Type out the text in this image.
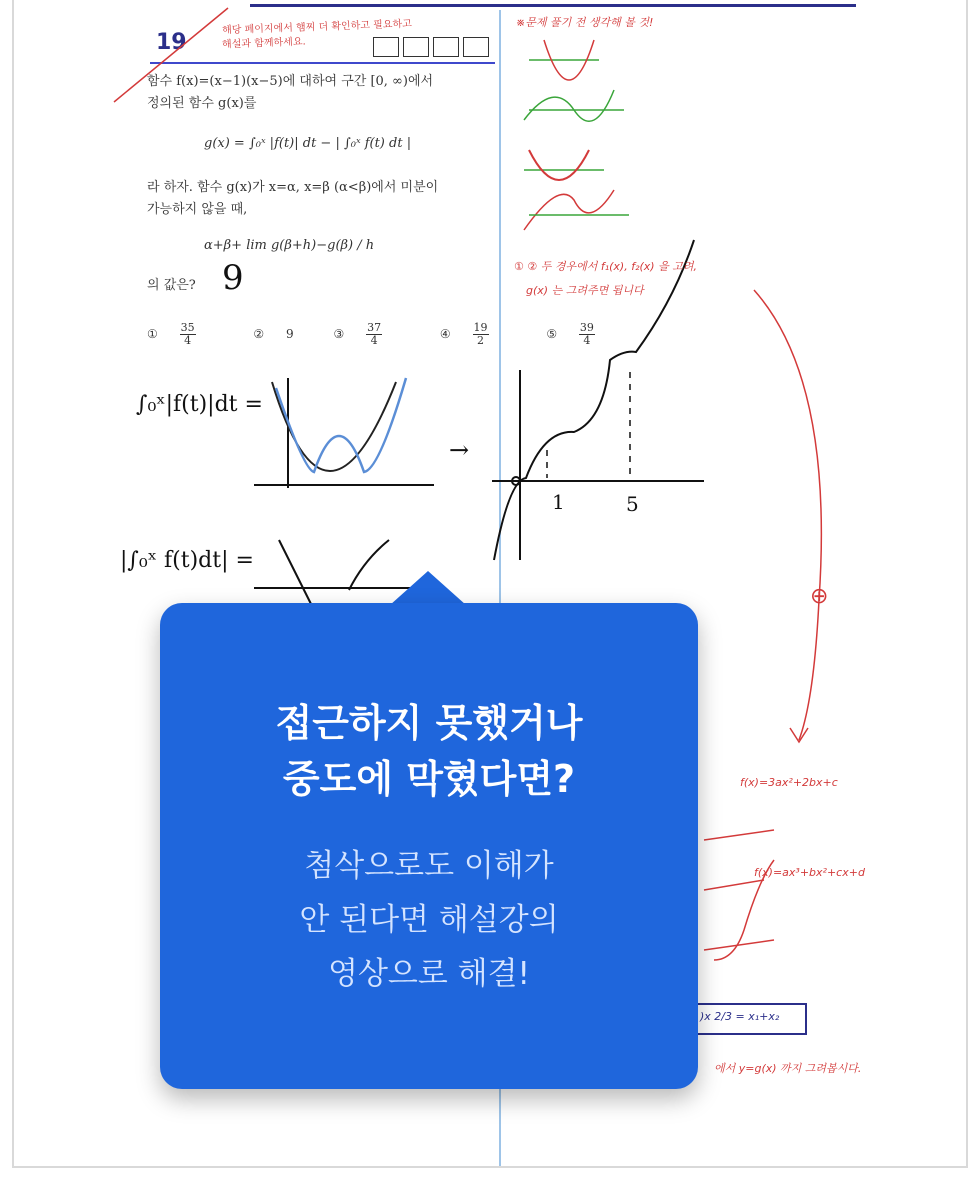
19
해당 페이지에서 햄찌 더 확인하고 필요하고
해설과 함께하세요.
함수 f(x)=(x−1)(x−5)에 대하여 구간 [0, ∞)에서
정의된 함수 g(x)를
g(x) = ∫₀ˣ |f(t)| dt − | ∫₀ˣ f(t) dt |
라 하자. 함수 g(x)가 x=α, x=β (α<β)에서 미분이
가능하지 않을 때,
α+β+ lim g(β+h)−g(β) / h
의 값은? 9
① $\frac{35}{4}$	② 9	③ $\frac{37}{4}$	④ $\frac{19}{2}$	⑤ $\frac{39}{4}$
∫₀ˣ|f(t)|dt =
|∫₀ˣ f(t)dt| =
→
1	5
※문제 풀기 전 생각해 볼 것!
① ② 두 경우에서 f₁(x), f₂(x) 을 고려,
g(x) 는 그려주면 됩니다
⊕
f(x)=3ax²+2bx+c
f(x)=ax³+bx²+cx+d
)x 2/3 = x₁+x₂
에서 y=g(x) 까지 그려봅시다.
접근하지 못했거나
중도에 막혔다면?
첨삭으로도 이해가
안 된다면 해설강의
영상으로 해결!
